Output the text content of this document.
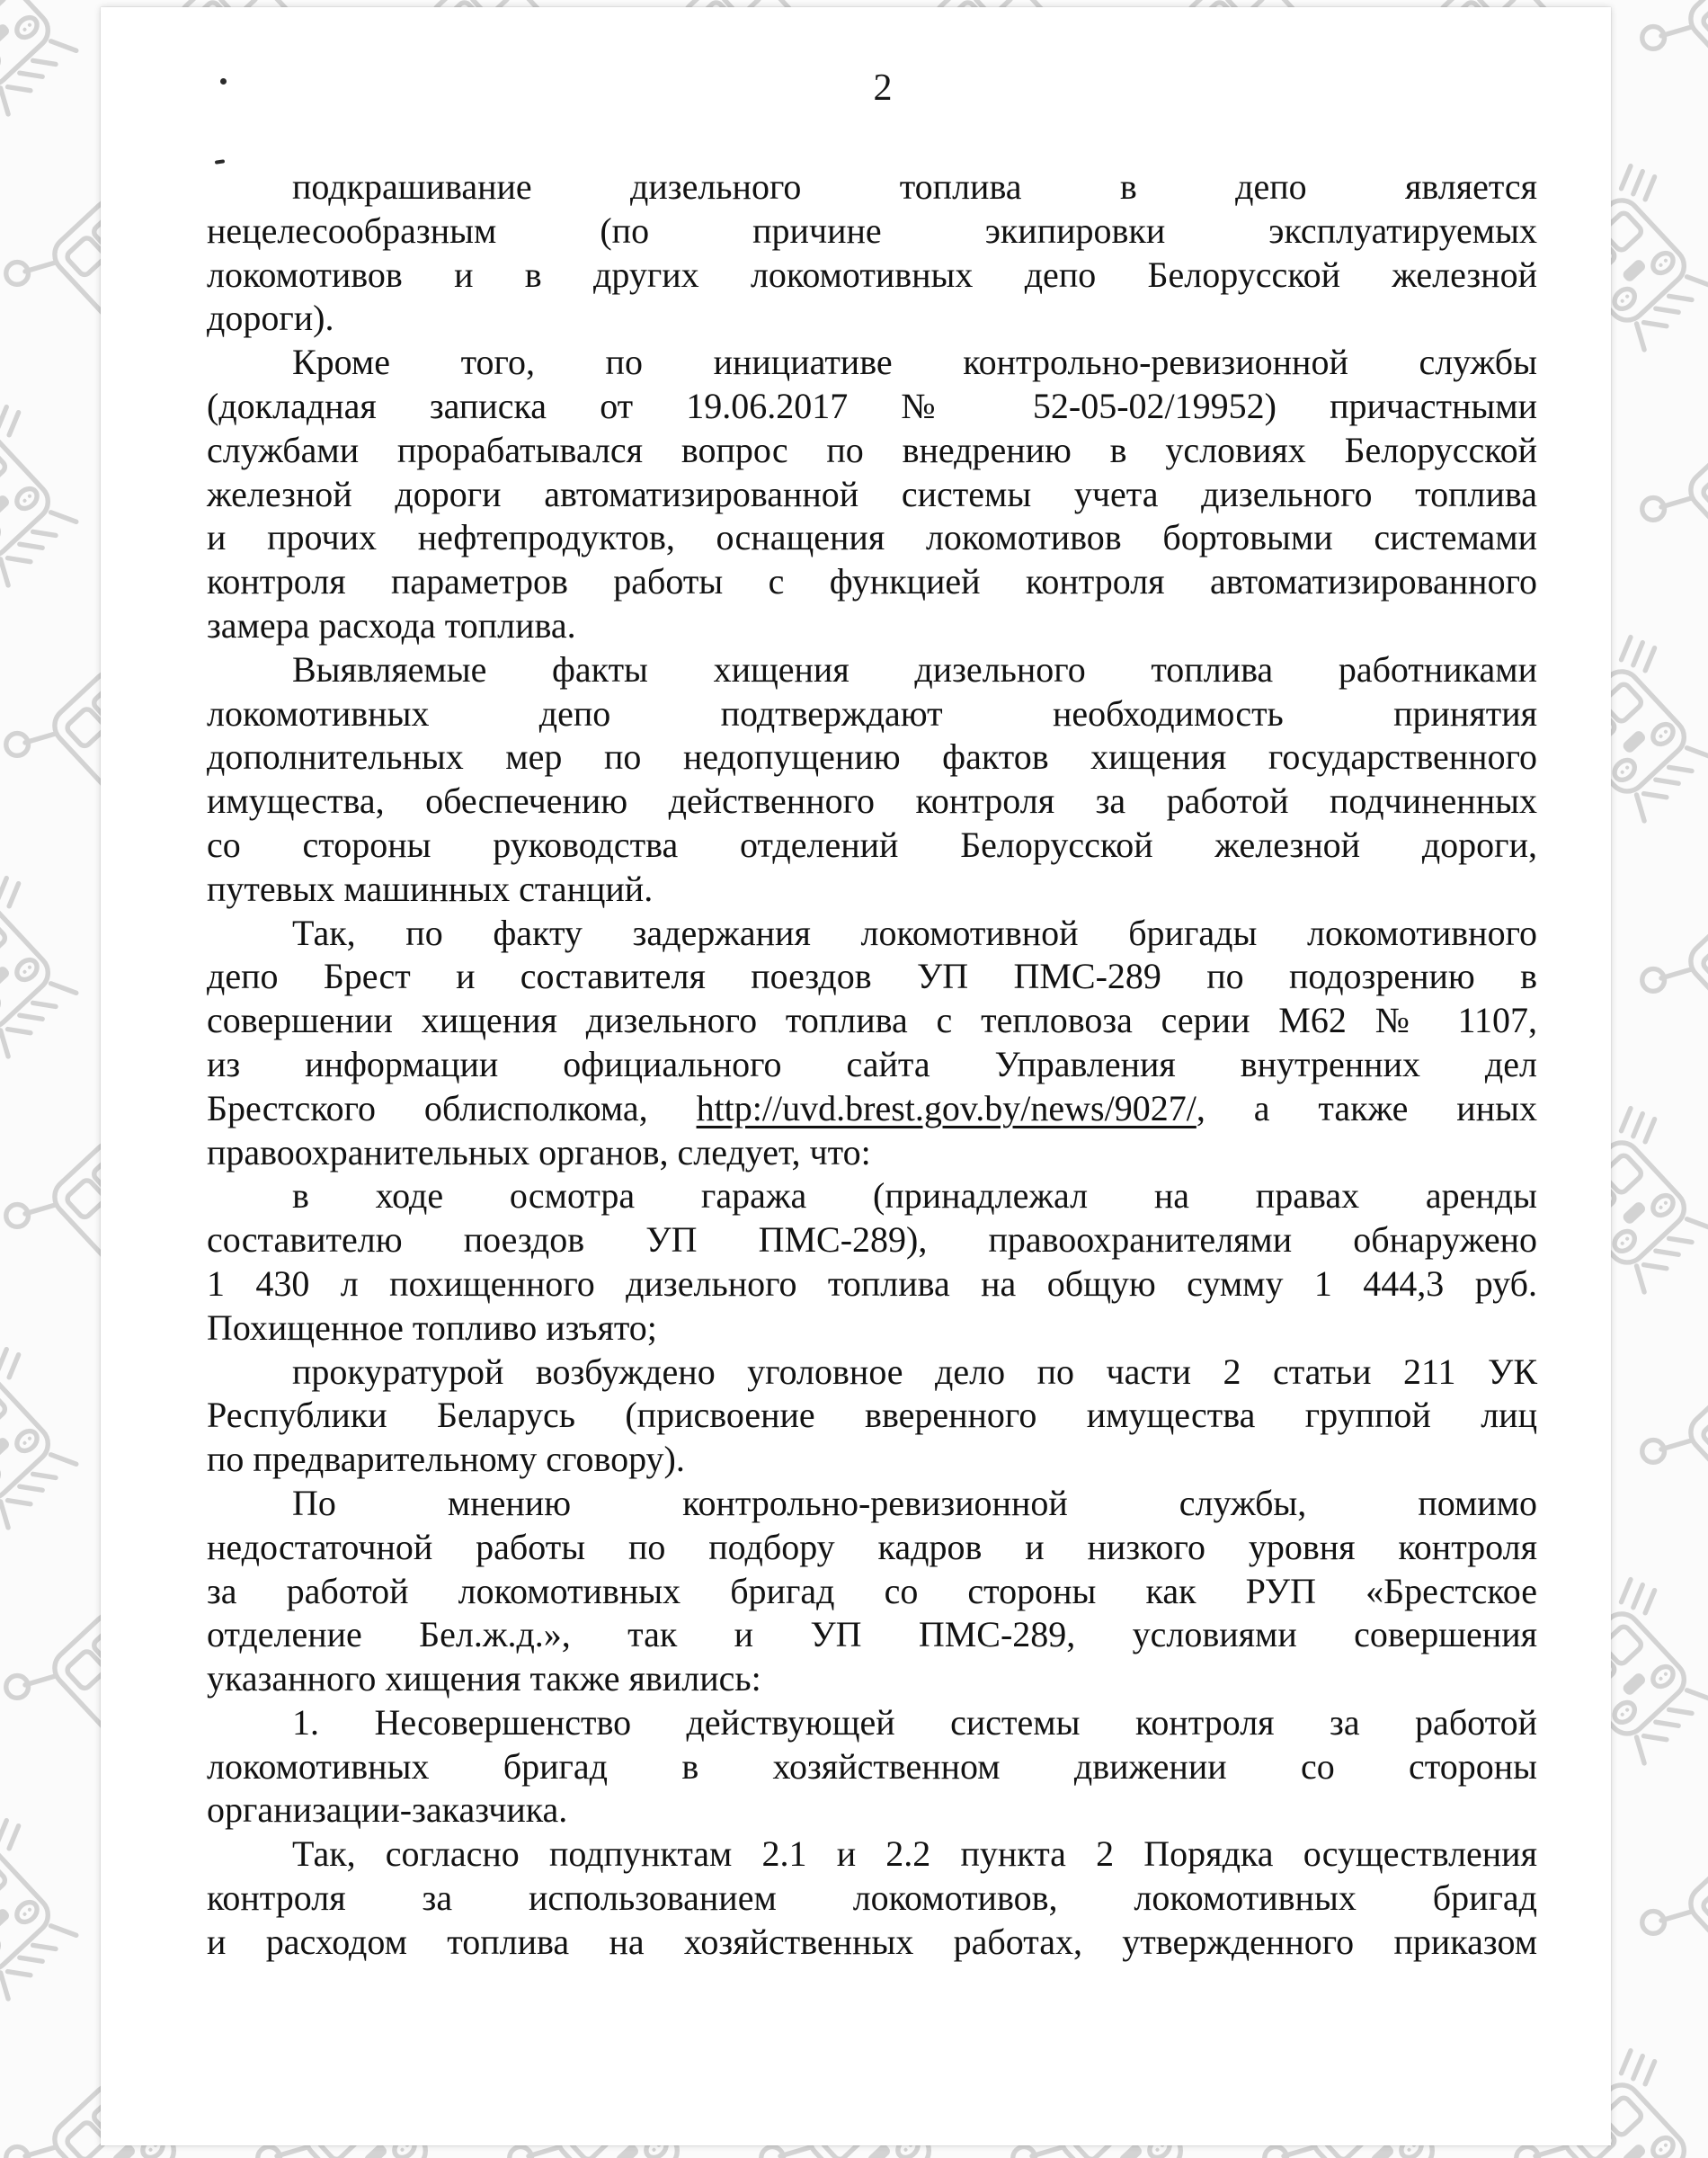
2
подкрашивание дизельного топлива в депо является
нецелесообразным (по причине экипировки эксплуатируемых
локомотивов и в других локомотивных депо Белорусской железной
дороги).
Кроме того, по инициативе контрольно-ревизионной службы
(докладная записка от 19.06.2017 № 52-05-02/19952) причастными
службами прорабатывался вопрос по внедрению в условиях Белорусской
железной дороги автоматизированной системы учета дизельного топлива
и прочих нефтепродуктов, оснащения локомотивов бортовыми системами
контроля параметров работы с функцией контроля автоматизированного
замера расхода топлива.
Выявляемые факты хищения дизельного топлива работниками
локомотивных депо подтверждают необходимость принятия
дополнительных мер по недопущению фактов хищения государственного
имущества, обеспечению действенного контроля за работой подчиненных
со стороны руководства отделений Белорусской железной дороги,
путевых машинных станций.
Так, по факту задержания локомотивной бригады локомотивного
депо Брест и составителя поездов УП ПМС-289 по подозрению в
совершении хищения дизельного топлива с тепловоза серии М62 № 1107,
из информации официального сайта Управления внутренних дел
Брестского облисполкома, http://uvd.brest.gov.by/news/9027/, а также иных
правоохранительных органов, следует, что:
в ходе осмотра гаража (принадлежал на правах аренды
составителю поездов УП ПМС-289), правоохранителями обнаружено
1 430 л похищенного дизельного топлива на общую сумму 1 444,3 руб.
Похищенное топливо изъято;
прокуратурой возбуждено уголовное дело по части 2 статьи 211 УК
Республики Беларусь (присвоение вверенного имущества группой лиц
по предварительному сговору).
По мнению контрольно-ревизионной службы, помимо
недостаточной работы по подбору кадров и низкого уровня контроля
за работой локомотивных бригад со стороны как РУП «Брестское
отделение Бел.ж.д.», так и УП ПМС-289, условиями совершения
указанного хищения также явились:
1. Несовершенство действующей системы контроля за работой
локомотивных бригад в хозяйственном движении со стороны
организации-заказчика.
Так, согласно подпунктам 2.1 и 2.2 пункта 2 Порядка осуществления
контроля за использованием локомотивов, локомотивных бригад
и расходом топлива на хозяйственных работах, утвержденного приказом
